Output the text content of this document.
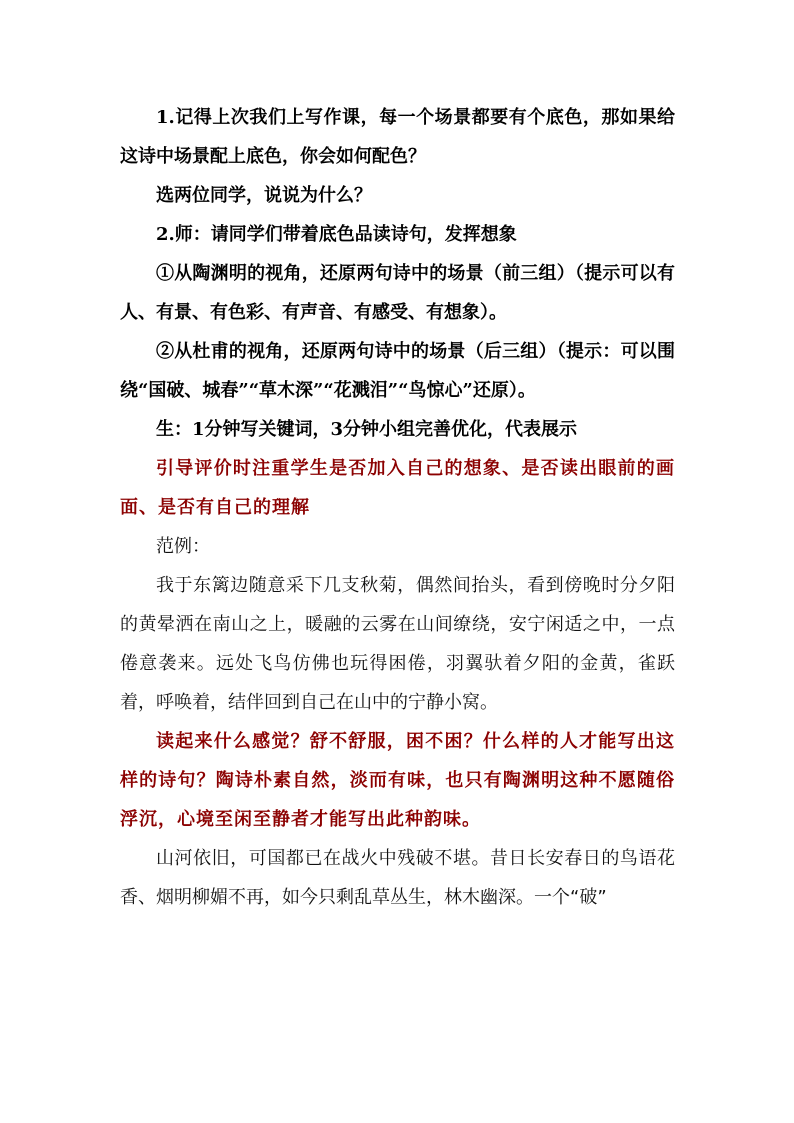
1.记得上次我们上写作课，每一个场景都要有个底色，那如果给这诗中场景配上底色，你会如何配色？

选两位同学，说说为什么？

2.师：请同学们带着底色品读诗句，发挥想象

①从陶渊明的视角，还原两句诗中的场景（前三组）（提示可以有人、有景、有色彩、有声音、有感受、有想象）。

②从杜甫的视角，还原两句诗中的场景（后三组）（提示：可以围绕“国破、城春”“草木深”“花溅泪”“鸟惊心”还原）。

生：1分钟写关键词，3分钟小组完善优化，代表展示

引导评价时注重学生是否加入自己的想象、是否读出眼前的画面、是否有自己的理解

范例：

我于东篱边随意采下几支秋菊，偶然间抬头，看到傍晚时分夕阳的黄晕洒在南山之上，暖融的云雾在山间缭绕，安宁闲适之中，一点倦意袭来。远处飞鸟仿佛也玩得困倦，羽翼驮着夕阳的金黄，雀跃着，呼唤着，结伴回到自己在山中的宁静小窝。

读起来什么感觉？舒不舒服，困不困？什么样的人才能写出这样的诗句？陶诗朴素自然，淡而有味，也只有陶渊明这种不愿随俗浮沉，心境至闲至静者才能写出此种韵味。

山河依旧，可国都已在战火中残破不堪。昔日长安春日的鸟语花香、烟明柳媚不再，如今只剩乱草丛生，林木幽深。一个“破”
